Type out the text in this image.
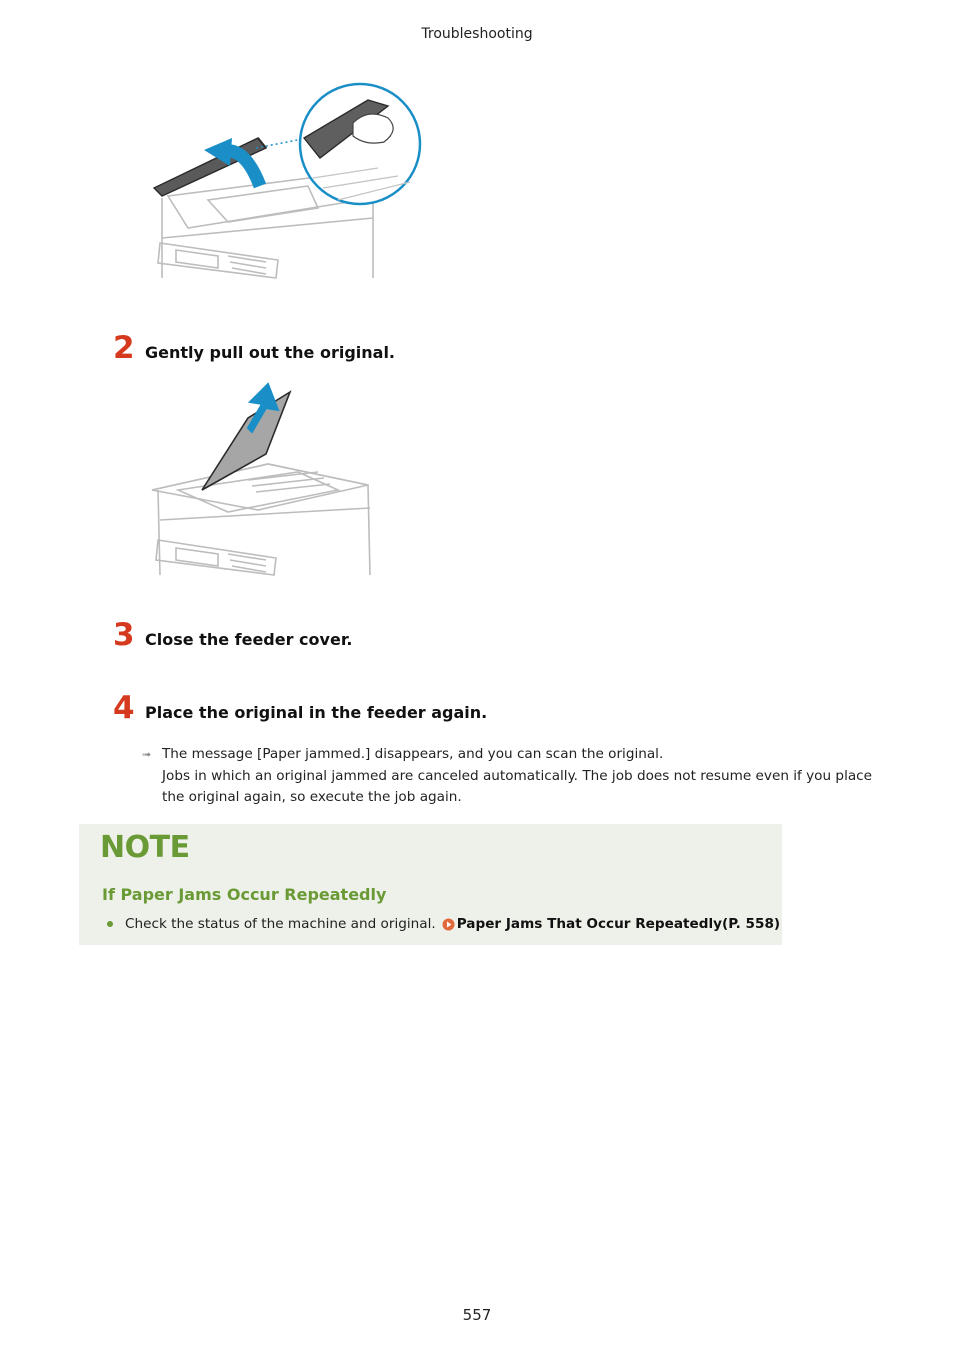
Troubleshooting
2 Gently pull out the original.
3 Close the feeder cover.
4 Place the original in the feeder again.
➟ The message [Paper jammed.] disappears, and you can scan the original.
Jobs in which an original jammed are canceled automatically. The job does not resume even if you place
the original again, so execute the job again.
NOTE
If Paper Jams Occur Repeatedly
Check the status of the machine and original. Paper Jams That Occur Repeatedly(P. 558)
557
